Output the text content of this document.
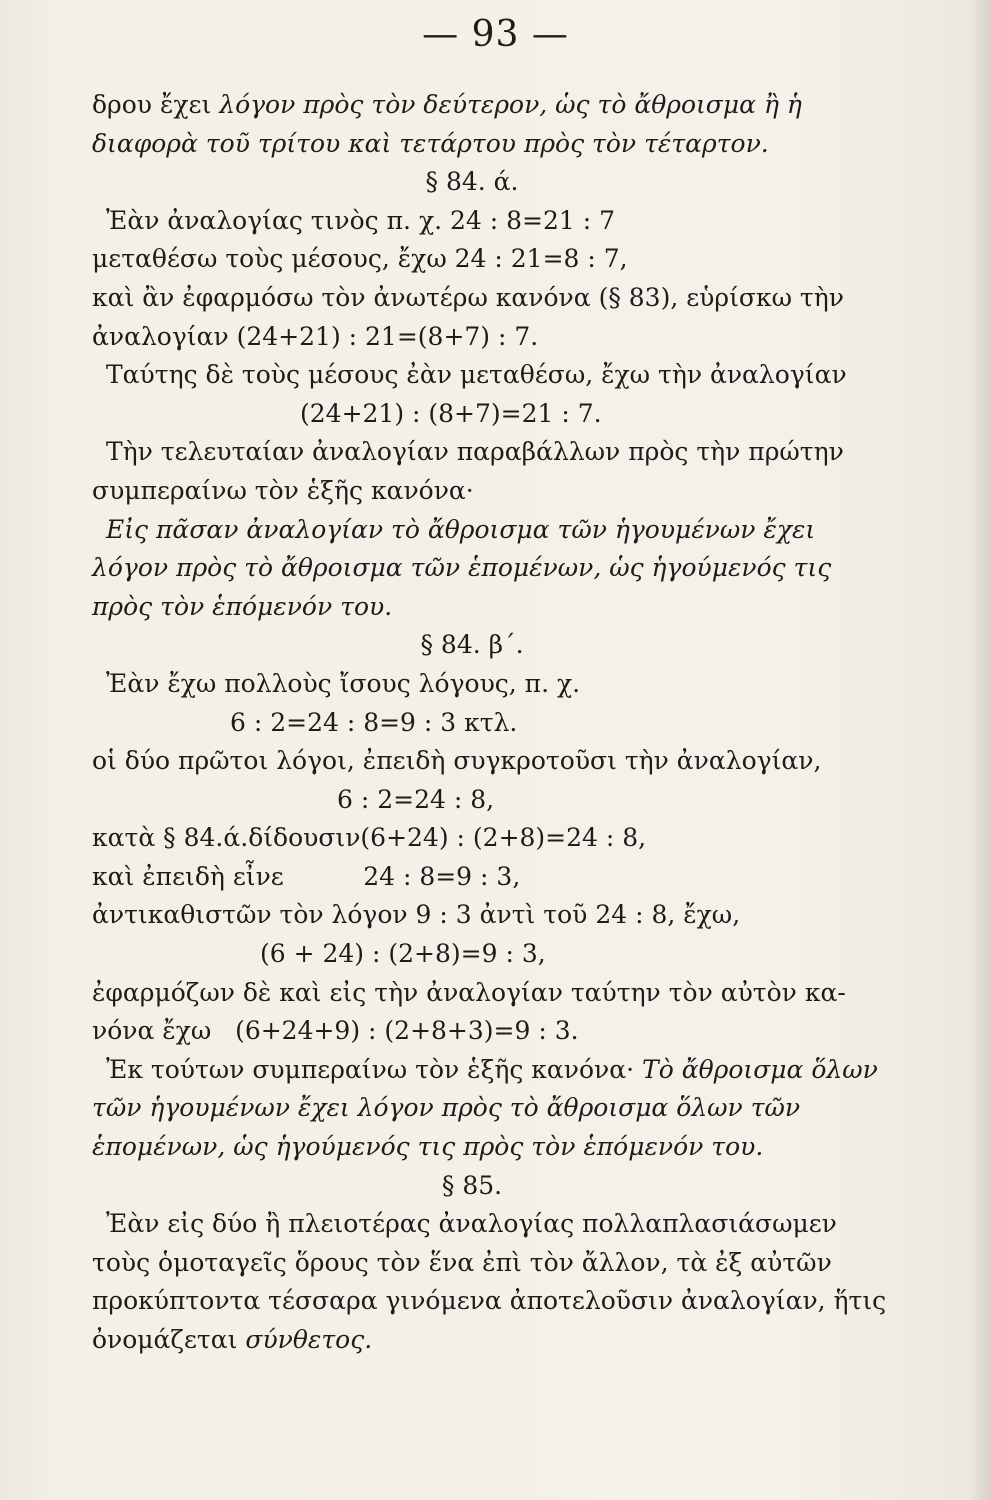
— 93 —
δρου ἔχει λόγον πρὸς τὸν δεύτερον, ὡς τὸ ἄθροισμα ἢ ἡ
διαφορὰ τοῦ τρίτου καὶ τετάρτου πρὸς τὸν τέταρτον.
§ 84. ά.
Ἐὰν ἀναλογίας τινὸς π. χ. 24 : 8=21 : 7
μεταθέσω τοὺς μέσους, ἔχω 24 : 21=8 : 7,
καὶ ἂν ἐφαρμόσω τὸν ἀνωτέρω κανόνα (§ 83), εὑρίσκω τὴν
ἀναλογίαν (24+21) : 21=(8+7) : 7.
Ταύτης δὲ τοὺς μέσους ἐὰν μεταθέσω, ἔχω τὴν ἀναλογίαν
(24+21) : (8+7)=21 : 7.
Τὴν τελευταίαν ἀναλογίαν παραβάλλων πρὸς τὴν πρώτην
συμπεραίνω τὸν ἑξῆς κανόνα·
Εἰς πᾶσαν ἀναλογίαν τὸ ἄθροισμα τῶν ἡγουμένων ἔχει
λόγον πρὸς τὸ ἄθροισμα τῶν ἑπομένων, ὡς ἡγούμενός τις
πρὸς τὸν ἑπόμενόν του.
§ 84. β΄.
Ἐὰν ἔχω πολλοὺς ἴσους λόγους, π. χ.
6 : 2=24 : 8=9 : 3 κτλ.
οἱ δύο πρῶτοι λόγοι, ἐπειδὴ συγκροτοῦσι τὴν ἀναλογίαν,
6 : 2=24 : 8,
κατὰ § 84.ά.δίδουσιν(6+24) : (2+8)=24 : 8,
καὶ ἐπειδὴ εἶνε          24 : 8=9 : 3,
ἀντικαθιστῶν τὸν λόγον 9 : 3 ἀντὶ τοῦ 24 : 8, ἔχω,
(6 + 24) : (2+8)=9 : 3,
ἐφαρμόζων δὲ καὶ εἰς τὴν ἀναλογίαν ταύτην τὸν αὐτὸν κα-
νόνα ἔχω   (6+24+9) : (2+8+3)=9 : 3.
Ἐκ τούτων συμπεραίνω τὸν ἑξῆς κανόνα· Τὸ ἄθροισμα ὅλων
τῶν ἡγουμένων ἔχει λόγον πρὸς τὸ ἄθροισμα ὅλων τῶν
ἑπομένων, ὡς ἡγούμενός τις πρὸς τὸν ἑπόμενόν του.
§ 85.
Ἐὰν εἰς δύο ἢ πλειοτέρας ἀναλογίας πολλαπλασιάσωμεν
τοὺς ὁμοταγεῖς ὅρους τὸν ἕνα ἐπὶ τὸν ἄλλον, τὰ ἐξ αὐτῶν
προκύπτοντα τέσσαρα γινόμενα ἀποτελοῦσιν ἀναλογίαν, ἥτις
ὀνομάζεται σύνθετος.
